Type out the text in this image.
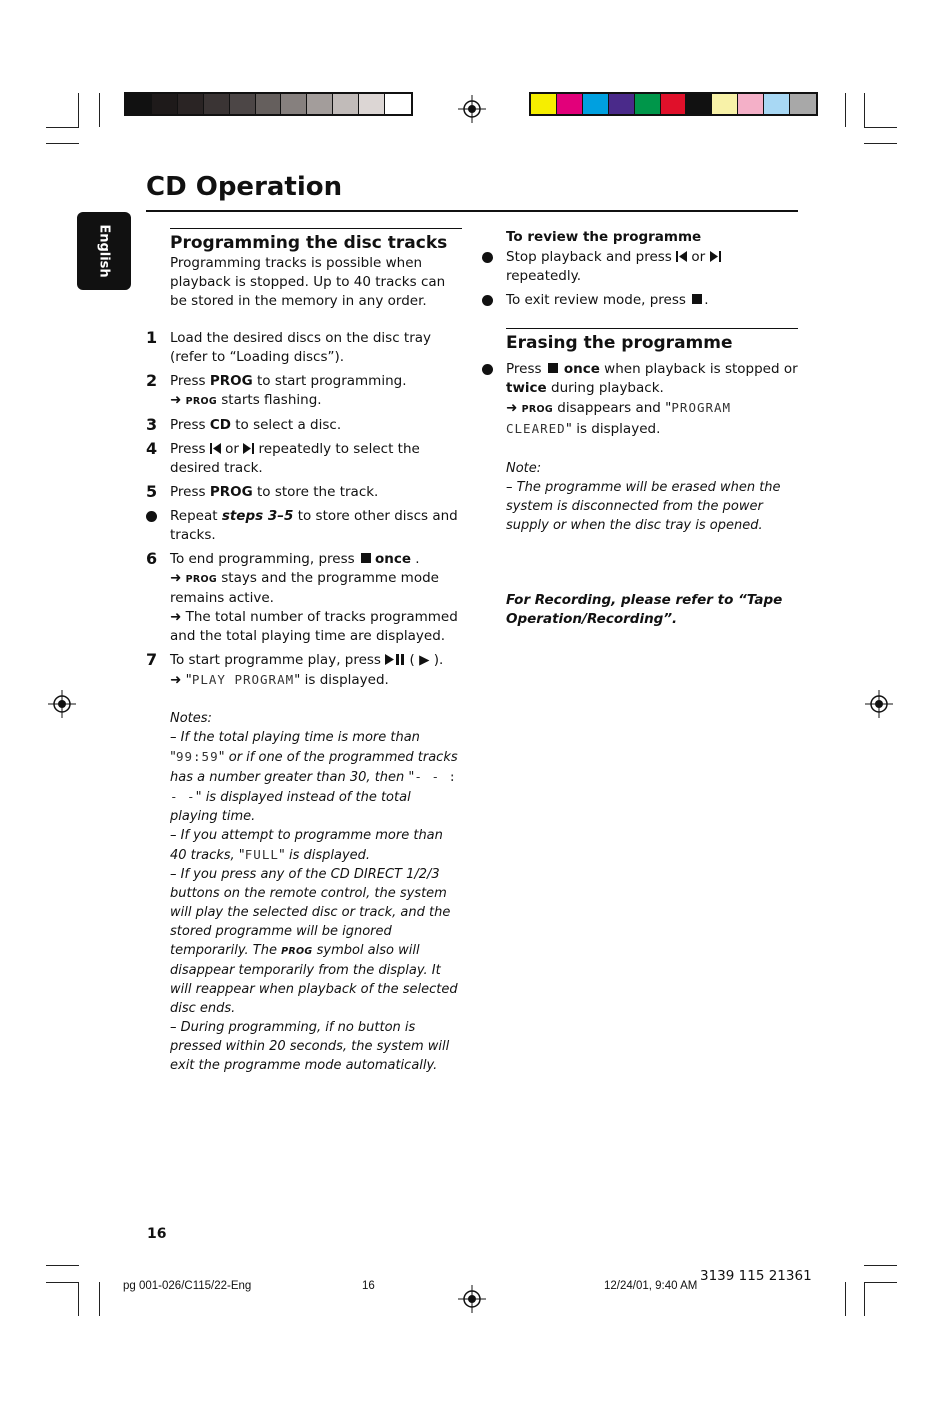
CD Operation
English	Programming the disc tracks

Programming tracks is possible when playback is stopped. Up to 40 tracks can be stored in the memory in any order.

1 Load the desired discs on the disc tray (refer to “Loading discs”).
2 Press PROG to start programming.
➜ PROG starts flashing.
3 Press CD to select a disc.
4 Press  or  repeatedly to select the desired track.
5 Press PROG to store the track.
Repeat steps 3–5 to store other discs and tracks.
6 To end programming, press once .
➜ PROG stays and the programme mode remains active.
➜ The total number of tracks programmed and the total playing time are displayed.
7 To start programme play, press  ( ▶ ).
➜ "PLAY PROGRAM" is displayed.

Notes:

– If the total playing time is more than "99:59" or if one of the programmed tracks has a number greater than 30, then "- - : - -" is displayed instead of the total playing time.

– If you attempt to programme more than 40 tracks, "FULL" is displayed.

– If you press any of the CD DIRECT 1/2/3 buttons on the remote control, the system will play the selected disc or track, and the stored programme will be ignored temporarily. The PROG symbol also will disappear temporarily from the display. It will reappear when playback of the selected disc ends.

– During programming, if no button is pressed within 20 seconds, the system will exit the programme mode automatically.

To review the programme
Stop playback and press  or  repeatedly.
To exit review mode, press .
Erasing the programme
Press once when playback is stopped or twice during playback.
➜ PROG disappears and "PROGRAM CLEARED" is displayed.

Note:

– The programme will be erased when the system is disconnected from the power supply or when the disc tray is opened.

For Recording, please refer to “Tape Operation/Recording”.

16
3139 115 21361
pg 001-026/C115/22-Eng	16	12/24/01, 9:40 AM
